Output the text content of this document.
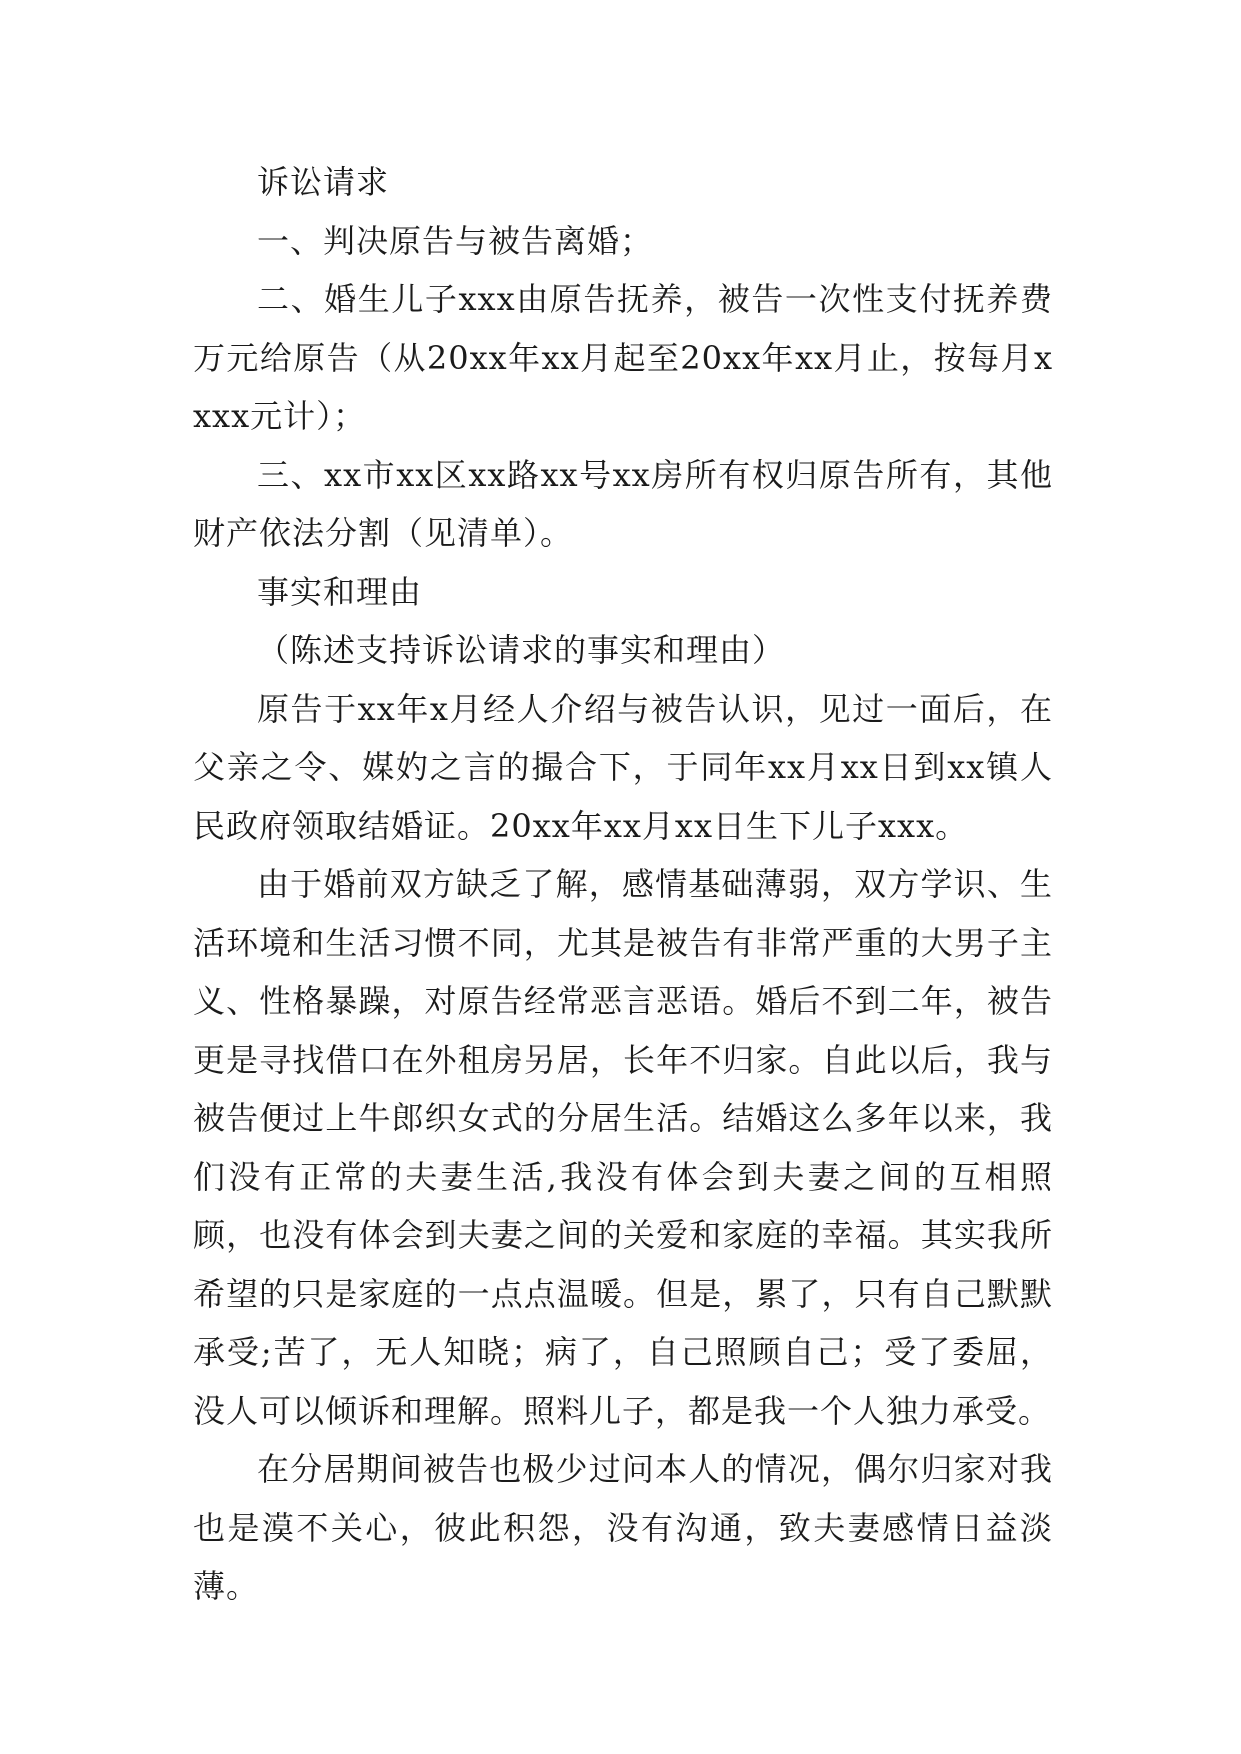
诉讼请求

一、判决原告与被告离婚；

二、婚生儿子xxx由原告抚养，被告一次性支付抚养费万元给原告（从20xx年xx月起至20xx年xx月止，按每月xxxx元计）；

三、xx市xx区xx路xx号xx房所有权归原告所有，其他财产依法分割（见清单）。

事实和理由

（陈述支持诉讼请求的事实和理由）

原告于xx年x月经人介绍与被告认识，见过一面后，在父亲之令、媒妁之言的撮合下，于同年xx月xx日到xx镇人民政府领取结婚证。20xx年xx月xx日生下儿子xxx。

由于婚前双方缺乏了解，感情基础薄弱，双方学识、生活环境和生活习惯不同，尤其是被告有非常严重的大男子主义、性格暴躁，对原告经常恶言恶语。婚后不到二年，被告更是寻找借口在外租房另居，长年不归家。自此以后，我与被告便过上牛郎织女式的分居生活。结婚这么多年以来，我们没有正常的夫妻生活,我没有体会到夫妻之间的互相照顾，也没有体会到夫妻之间的关爱和家庭的幸福。其实我所希望的只是家庭的一点点温暖。但是，累了，只有自己默默承受;苦了，无人知晓；病了，自己照顾自己；受了委屈，没人可以倾诉和理解。照料儿子，都是我一个人独力承受。

在分居期间被告也极少过问本人的情况，偶尔归家对我也是漠不关心，彼此积怨，没有沟通，致夫妻感情日益淡薄。
